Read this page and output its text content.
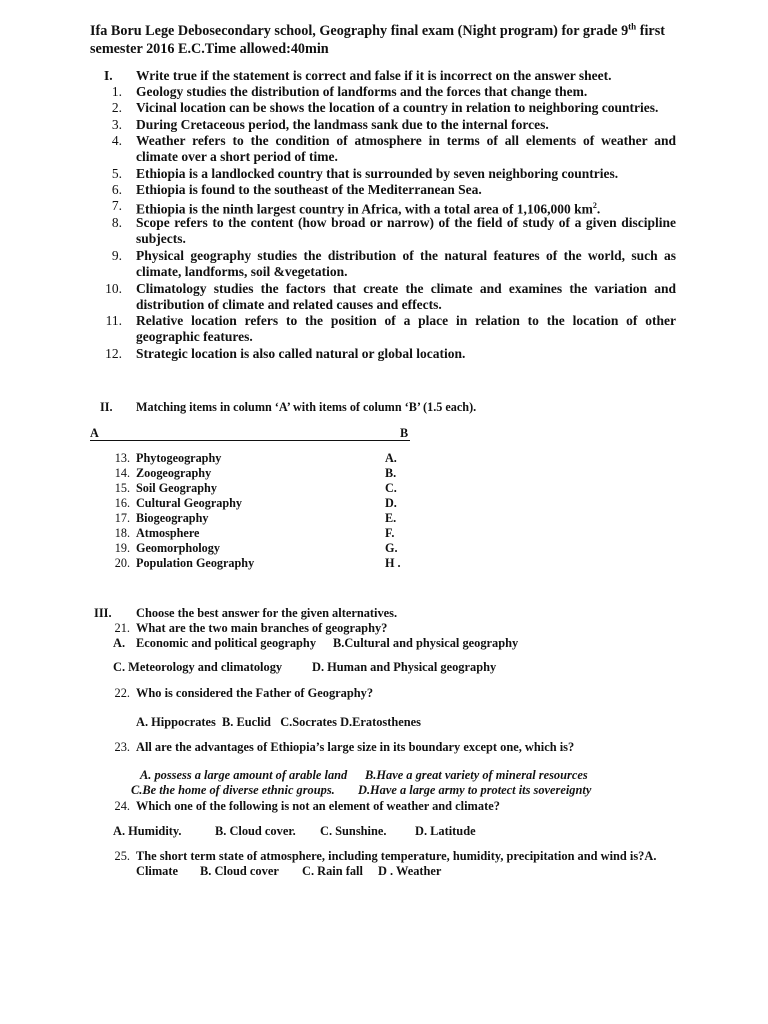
Ifa Boru Lege Debosecondary school, Geography final exam (Night program) for grade 9th first
semester 2016 E.C.Time allowed:40min
I. Write true if the statement is correct and false if it is incorrect on the answer sheet.
1. Geology studies the distribution of landforms and the forces that change them.
2. Vicinal location can be shows the location of a country in relation to neighboring countries.
3. During Cretaceous period, the landmass sank due to the internal forces.
4. Weather refers to the condition of atmosphere in terms of all elements of weather and
climate over a short period of time.
5. Ethiopia is a landlocked country that is surrounded by seven neighboring countries.
6. Ethiopia is found to the southeast of the Mediterranean Sea.
7. Ethiopia is the ninth largest country in Africa, with a total area of 1,106,000 $km^2$.
8. Scope refers to the content (how broad or narrow) of the field of study of a given discipline
subjects.
9. Physical geography studies the distribution of the natural features of the world, such as
climate, landforms, soil &vegetation.
10. Climatology studies the factors that create the climate and examines the variation and
distribution of climate and related causes and effects.
11. Relative location refers to the position of a place in relation to the location of other
geographic features.
12. Strategic location is also called natural or global location.
II. Matching items in column ‘A’ with items of column ‘B’ (1.5 each).
A	B
13. Phytogeography	A.
14. Zoogeography	B.
15. Soil Geography	C.
16. Cultural Geography	D.
17. Biogeography	E.
18. Atmosphere	F.
19. Geomorphology	G.
20. Population Geography	H .
III. Choose the best answer for the given alternatives.
21. What are the two main branches of geography?
A. Economic and political geography B.Cultural and physical geography
C. Meteorology and climatology D. Human and Physical geography
22. Who is considered the Father of Geography?
A. Hippocrates  B. Euclid   C.Socrates D.Eratosthenes
23. All are the advantages of Ethiopia’s large size in its boundary except one, which is?
A. possess a large amount of arable land B.Have a great variety of mineral resources
C.Be the home of diverse ethnic groups. D.Have a large army to protect its sovereignty
24. Which one of the following is not an element of weather and climate?
A. Humidity.	B. Cloud cover. C. Sunshine. D. Latitude
25. The short term state of atmosphere, including temperature, humidity, precipitation and wind is?A.
Climate B. Cloud cover C. Rain fall D . Weather
